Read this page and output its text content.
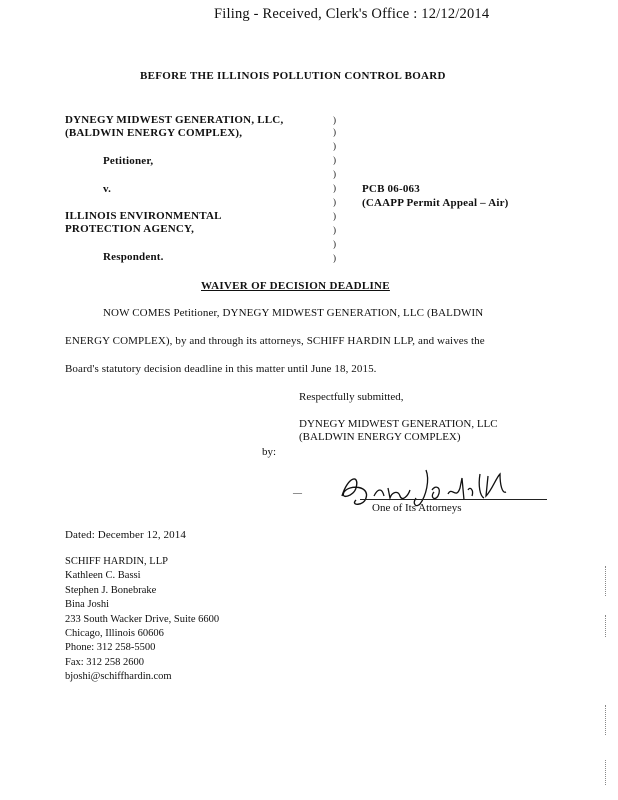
Filing - Received, Clerk's Office : 12/12/2014
BEFORE THE ILLINOIS POLLUTION CONTROL BOARD
DYNEGY MIDWEST GENERATION, LLC,
(BALDWIN ENERGY COMPLEX),
Petitioner,
v.
ILLINOIS ENVIRONMENTAL
PROTECTION AGENCY,
Respondent.
PCB 06-063
(CAAPP Permit Appeal – Air)
)
)
)
)
)
)
)
)
)
)
)
WAIVER OF DECISION DEADLINE
NOW COMES Petitioner, DYNEGY MIDWEST GENERATION, LLC (BALDWIN
ENERGY COMPLEX), by and through its attorneys, SCHIFF HARDIN LLP, and waives the
Board's statutory decision deadline in this matter until June 18, 2015.
Respectfully submitted,
DYNEGY MIDWEST GENERATION, LLC
(BALDWIN ENERGY COMPLEX)
by:
—
One of Its Attorneys
Dated: December 12, 2014
SCHIFF HARDIN, LLP
Kathleen C. Bassi
Stephen J. Bonebrake
Bina Joshi
233 South Wacker Drive, Suite 6600
Chicago, Illinois 60606
Phone: 312 258-5500
Fax: 312 258 2600
bjoshi@schiffhardin.com
